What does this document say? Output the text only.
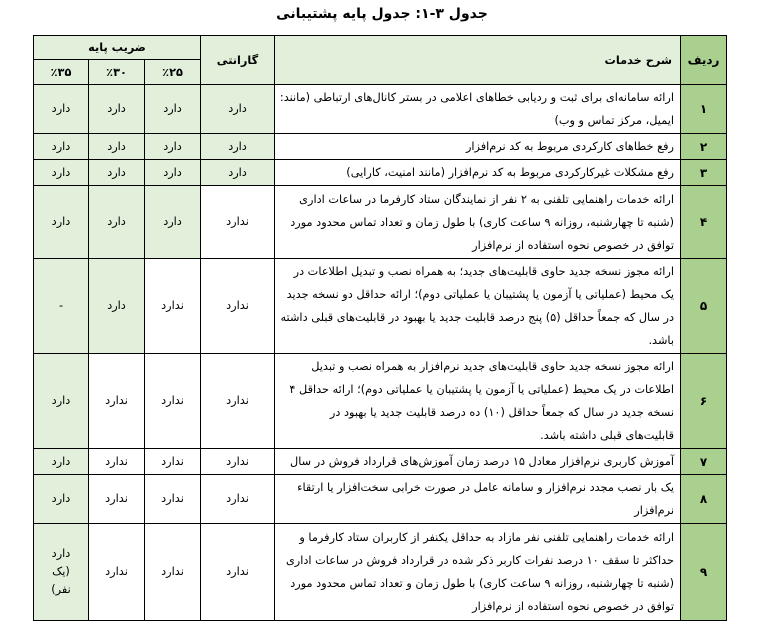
جدول ۳-۱: جدول پایه پشتیبانی
ردیف	شرح خدمات	گارانتی	ضریب پایه		
			٪۲۵	٪۳۰	٪۳۵
۱	ارائه سامانه‌ای برای ثبت و ردیابی خطاهای اعلامی در بستر کانال‌های ارتباطی (مانند: ایمیل، مرکز تماس و وب)	دارد	دارد	دارد	دارد
۲	رفع خطاهای کارکردی مربوط به کد نرم‌افزار	دارد	دارد	دارد	دارد
۳	رفع مشکلات غیرکارکردی مربوط به کد نرم‌افزار (مانند امنیت، کارایی)	دارد	دارد	دارد	دارد
۴	ارائه خدمات راهنمایی تلفنی به ۲ نفر از نمایندگان ستاد کارفرما در ساعات اداری (شنبه تا چهارشنبه، روزانه ۹ ساعت کاری) با طول زمان و تعداد تماس محدود مورد توافق در خصوص نحوه استفاده از نرم‌افزار	ندارد	دارد	دارد	دارد
۵	ارائه مجوز نسخه جدید حاوی قابلیت‌های جدید؛ به همراه نصب و تبدیل اطلاعات در یک محیط (عملیاتی یا آزمون یا پشتیبان یا عملیاتی دوم)؛ ارائه حداقل دو نسخه جدید در سال که جمعاً حداقل (۵) پنج درصد قابلیت جدید یا بهبود در قابلیت‌های قبلی داشته باشد.	ندارد	ندارد	دارد	-
۶	ارائه مجوز نسخه جدید حاوی قابلیت‌های جدید نرم‌افزار به همراه نصب و تبدیل اطلاعات در یک محیط (عملیاتی یا آزمون یا پشتیبان یا عملیاتی دوم)؛ ارائه حداقل ۴ نسخه جدید در سال که جمعاً حداقل (۱۰) ده درصد قابلیت جدید یا بهبود در قابلیت‌های قبلی داشته باشد.	ندارد	ندارد	ندارد	دارد
۷	آموزش کاربری نرم‌افزار معادل ۱۵ درصد زمان آموزش‌های قرارداد فروش در سال	ندارد	ندارد	ندارد	دارد
۸	یک بار نصب مجدد نرم‌افزار و سامانه عامل در صورت خرابی سخت‌افزار یا ارتقاء نرم‌افزار	ندارد	ندارد	ندارد	دارد
۹	ارائه خدمات راهنمایی تلفنی نفر مازاد به حداقل یکنفر از کاربران ستاد کارفرما و حداکثر تا سقف ۱۰ درصد نفرات کاربر ذکر شده در قرارداد فروش در ساعات اداری (شنبه تا چهارشنبه، روزانه ۹ ساعت کاری) با طول زمان و تعداد تماس محدود مورد توافق در خصوص نحوه استفاده از نرم‌افزار	ندارد	ندارد	ندارد	دارد (یک نفر)
